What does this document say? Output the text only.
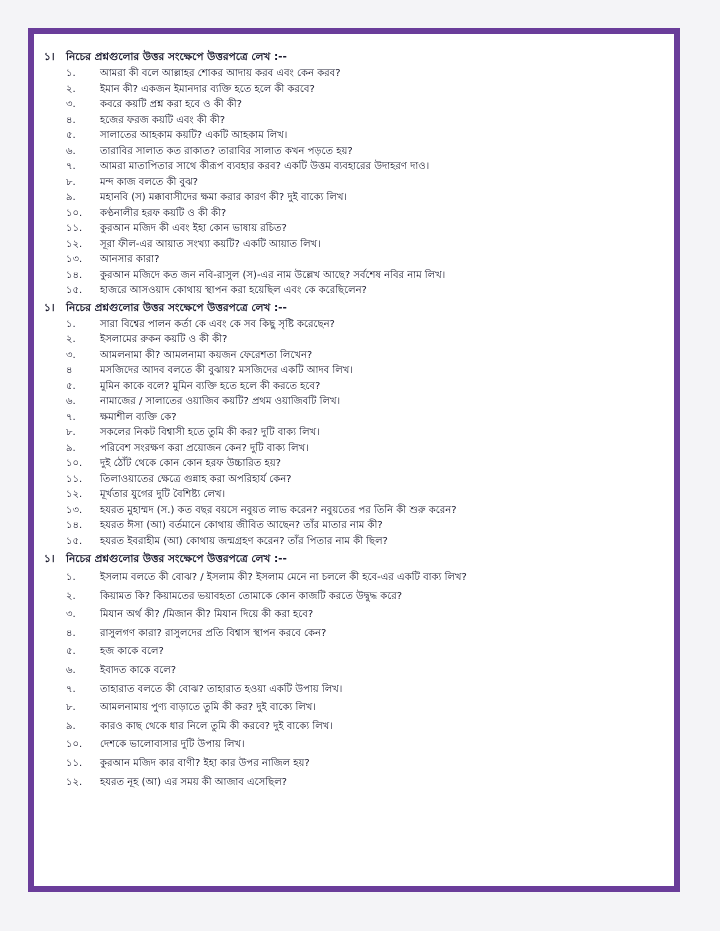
১। নিচের প্রশ্নগুলোর উত্তর সংক্ষেপে উত্তরপত্রে লেখ :--
১. আমরা কী বলে আল্লাহর শোকর আদায় করব এবং কেন করব?
২. ইমান কী? একজন ইমানদার ব্যক্তি হতে হলে কী করবে?
৩. কবরে কয়টি প্রশ্ন করা হবে ও কী কী?
৪. হজের ফরজ কয়টি এবং কী কী?
৫. সালাতের আহকাম কয়টি? একটি আহকাম লিখ।
৬. তারাবির সালাত কত রাকাত? তারাবির সালাত কখন পড়তে হয়?
৭. আমরা মাতাপিতার সাথে কীরূপ ব্যবহার করব? একটি উত্তম ব্যবহারের উদাহরণ দাও।
৮. মন্দ কাজ বলতে কী বুঝ?
৯. মহানবি (স) মক্কাবাসীদের ক্ষমা করার কারণ কী? দুই বাক্যে লিখ।
১০. কণ্ঠনালীর হরফ কয়টি ও কী কী?
১১. কুরআন মজিদ কী এবং ইহা কোন ভাষায় রচিত?
১২. সূরা ফীল-এর আয়াত সংখ্যা কয়টি? একটি আয়াত লিখ।
১৩. আনসার কারা?
১৪. কুরআন মজিদে কত জন নবি-রাসুল (স)-এর নাম উল্লেখ আছে? সর্বশেষ নবির নাম লিখ।
১৫. হাজরে আসওয়াদ কোথায় স্থাপন করা হয়েছিল এবং কে করেছিলেন?
১। নিচের প্রশ্নগুলোর উত্তর সংক্ষেপে উত্তরপত্রে লেখ :--
১. সারা বিশ্বের পালন কর্তা কে এবং কে সব কিছু সৃষ্টি করেছেন?
২. ইসলামের রুকন কয়টি ও কী কী?
৩. আমলনামা কী? আমলনামা কয়জন ফেরেশতা লিখেন?
৪	মসজিদের আদব বলতে কী বুঝায়? মসজিদের একটি আদব লিখ।
৫. মুমিন কাকে বলে? মুমিন ব্যক্তি হতে হলে কী করতে হবে?
৬. নামাজের / সালাতের ওয়াজিব কয়টি? প্রথম ওয়াজিবটি লিখ।
৭. ক্ষমাশীল ব্যক্তি কে?
৮. সকলের নিকট বিশ্বাসী হতে তুমি কী কর? দুটি বাক্য লিখ।
৯. পরিবেশ সংরক্ষণ করা প্রয়োজন কেন? দুটি বাক্য লিখ।
১০. দুই ঠোঁট থেকে কোন কোন হরফ উচ্চারিত হয়?
১১. তিলাওয়াতের ক্ষেত্রে গুন্নাহ করা অপরিহার্য কেন?
১২. মূর্খতার যুগের দুটি বৈশিষ্ট্য লেখ।
১৩. হযরত মুহাম্মদ (স.) কত বছর বয়সে নবুয়ত লাভ করেন? নবুয়তের পর তিনি কী শুরু করেন?
১৪. হযরত ঈসা (আ) বর্তমানে কোথায় জীবিত আছেন? তাঁর মাতার নাম কী?
১৫. হযরত ইবরাহীম (আ) কোথায় জন্মগ্রহণ করেন? তাঁর পিতার নাম কী ছিল?
১। নিচের প্রশ্নগুলোর উত্তর সংক্ষেপে উত্তরপত্রে লেখ :--
১. ইসলাম বলতে কী বোঝ? / ইসলাম কী? ইসলাম মেনে না চললে কী হবে-এর একটি বাক্য লিখ?
২. কিয়ামত কি? কিয়ামতের ভয়াবহতা তোমাকে কোন কাজটি করতে উদ্বুদ্ধ করে?
৩. মিযান অর্থ কী? /মিজান কী? মিযান দিয়ে কী করা হবে?
৪. রাসুলগণ কারা? রাসুলদের প্রতি বিশ্বাস স্থাপন করবে কেন?
৫. হজ কাকে বলে?
৬. ইবাদত কাকে বলে?
৭. তাহারাত বলতে কী বোঝ? তাহারাত হওয়া একটি উপায় লিখ।
৮. আমলনামায় পুণ্য বাড়াতে তুমি কী কর? দুই বাক্যে লিখ।
৯. কারও কাছ থেকে ধার নিলে তুমি কী করবে? দুই বাক্যে লিখ।
১০. দেশকে ভালোবাসার দুটি উপায় লিখ।
১১. কুরআন মজিদ কার বাণী? ইহা কার উপর নাজিল হয়?
১২. হযরত নূহ (আ) এর সময় কী আজাব এসেছিল?
